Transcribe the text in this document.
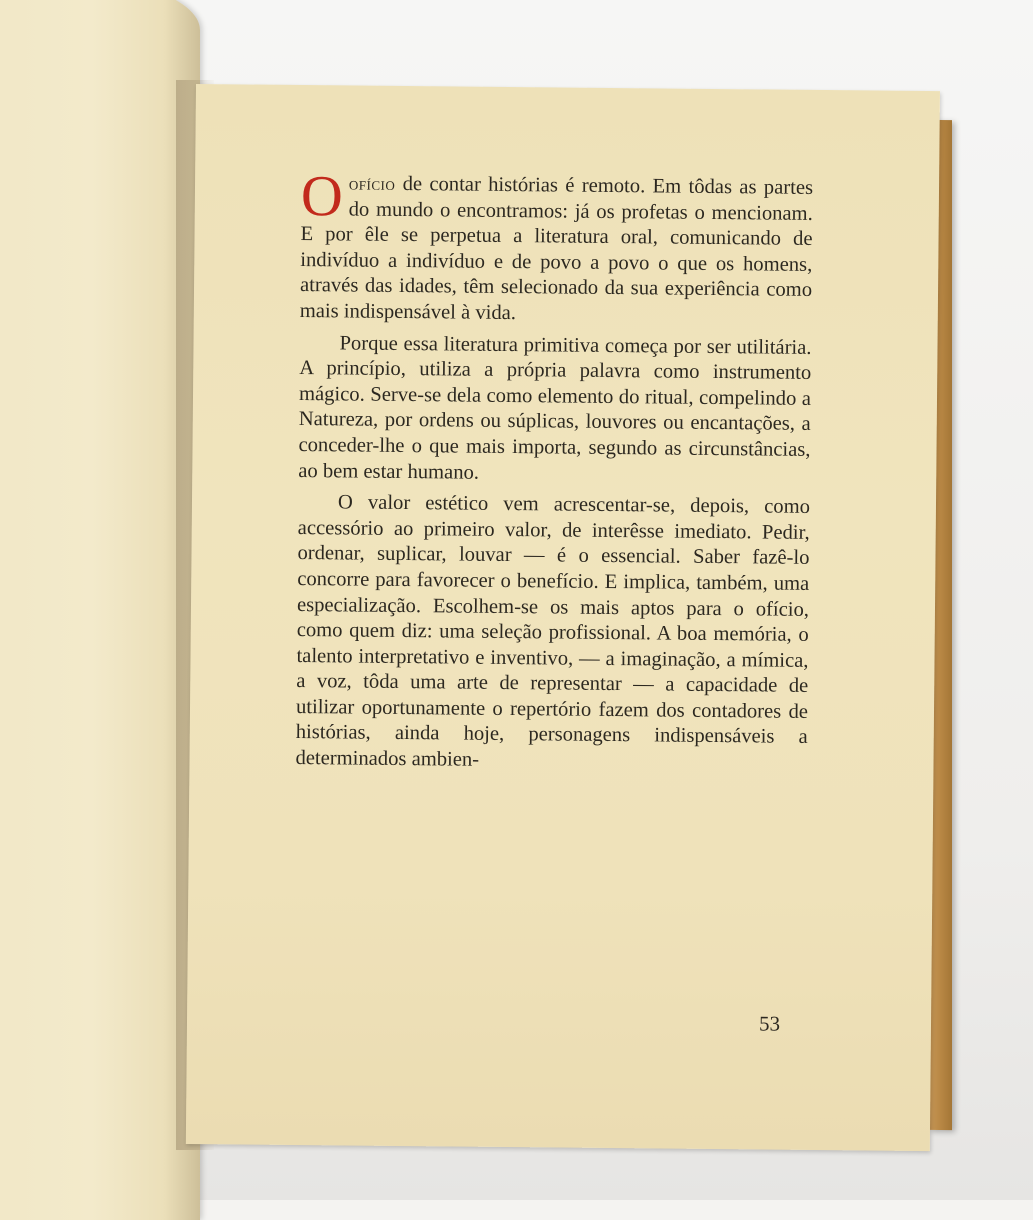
Oofício de contar histórias é remoto. Em tôdas as partes do mundo o encontramos: já os profetas o mencionam. E por êle se perpetua a literatura oral, comunicando de indivíduo a indivíduo e de povo a povo o que os homens, através das idades, têm selecionado da sua experiência como mais indispensável à vida.

Porque essa literatura primitiva começa por ser utilitária. A princípio, utiliza a própria palavra como instrumento mágico. Serve-se dela como elemento do ritual, compelindo a Natureza, por ordens ou súplicas, louvores ou encantações, a conceder-lhe o que mais importa, segundo as circunstâncias, ao bem estar humano.

O valor estético vem acrescentar-se, depois, como accessório ao primeiro valor, de interêsse imediato. Pedir, ordenar, suplicar, louvar — é o essencial. Saber fazê-lo concorre para favorecer o benefício. E implica, também, uma especialização. Escolhem-se os mais aptos para o ofício, como quem diz: uma seleção profissional. A boa memória, o talento interpretativo e inventivo, — a imaginação, a mímica, a voz, tôda uma arte de representar — a capacidade de utilizar oportunamente o repertório fazem dos contadores de histórias, ainda hoje, personagens indispensáveis a determinados ambien-

53
